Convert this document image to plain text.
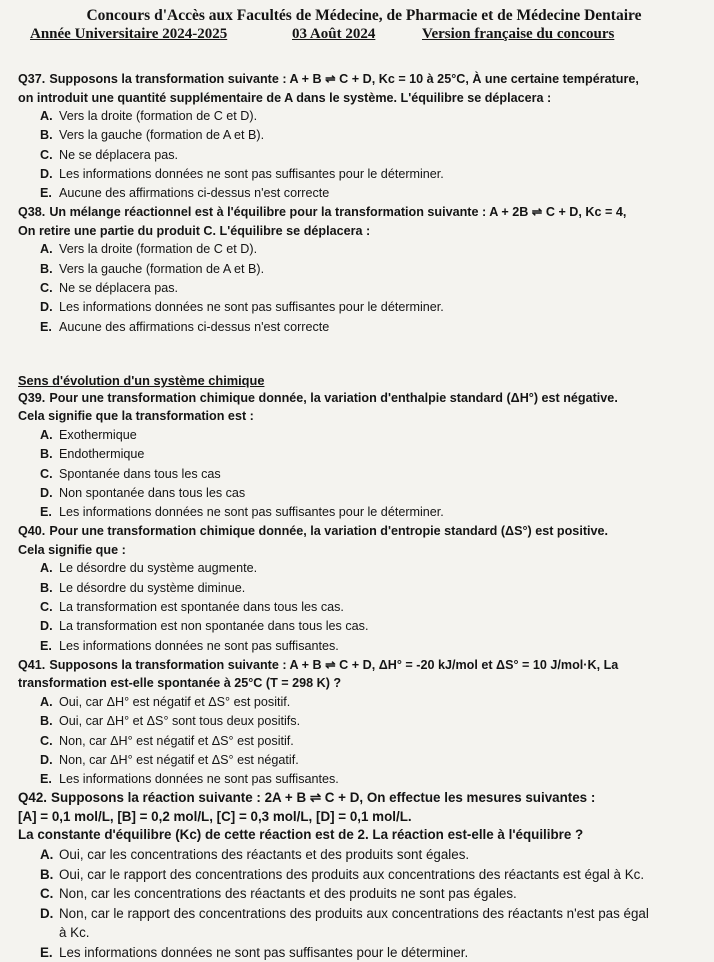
Concours d'Accès aux Facultés de Médecine, de Pharmacie et de Médecine Dentaire
Année Universitaire 2024-2025	03 Août 2024	Version française du concours
Q37. Supposons la transformation suivante : A + B ⇌ C + D, Kc = 10 à 25°C, À une certaine température,
on introduit une quantité supplémentaire de A dans le système. L'équilibre se déplacera :
A. Vers la droite (formation de C et D).
B. Vers la gauche (formation de A et B).
C. Ne se déplacera pas.
D. Les informations données ne sont pas suffisantes pour le déterminer.
E. Aucune des affirmations ci-dessus n'est correcte
Q38. Un mélange réactionnel est à l'équilibre pour la transformation suivante : A + 2B ⇌ C + D, Kc = 4,
On retire une partie du produit C. L'équilibre se déplacera :
A. Vers la droite (formation de C et D).
B. Vers la gauche (formation de A et B).
C. Ne se déplacera pas.
D. Les informations données ne sont pas suffisantes pour le déterminer.
E. Aucune des affirmations ci-dessus n'est correcte
Sens d'évolution d'un système chimique
Q39. Pour une transformation chimique donnée, la variation d'enthalpie standard (ΔH°) est négative.
Cela signifie que la transformation est :
A. Exothermique
B. Endothermique
C. Spontanée dans tous les cas
D. Non spontanée dans tous les cas
E. Les informations données ne sont pas suffisantes pour le déterminer.
Q40. Pour une transformation chimique donnée, la variation d'entropie standard (ΔS°) est positive.
Cela signifie que :
A. Le désordre du système augmente.
B. Le désordre du système diminue.
C. La transformation est spontanée dans tous les cas.
D. La transformation est non spontanée dans tous les cas.
E. Les informations données ne sont pas suffisantes.
Q41. Supposons la transformation suivante : A + B ⇌ C + D, ΔH° = -20 kJ/mol et ΔS° = 10 J/mol·K, La
transformation est-elle spontanée à 25°C (T = 298 K) ?
A. Oui, car ΔH° est négatif et ΔS° est positif.
B. Oui, car ΔH° et ΔS° sont tous deux positifs.
C. Non, car ΔH° est négatif et ΔS° est positif.
D. Non, car ΔH° est négatif et ΔS° est négatif.
E. Les informations données ne sont pas suffisantes.
Q42. Supposons la réaction suivante : 2A + B ⇌ C + D, On effectue les mesures suivantes :
[A] = 0,1 mol/L, [B] = 0,2 mol/L, [C] = 0,3 mol/L, [D] = 0,1 mol/L.
La constante d'équilibre (Kc) de cette réaction est de 2. La réaction est-elle à l'équilibre ?
A. Oui, car les concentrations des réactants et des produits sont égales.
B. Oui, car le rapport des concentrations des produits aux concentrations des réactants est égal à Kc.
C. Non, car les concentrations des réactants et des produits ne sont pas égales.
D. Non, car le rapport des concentrations des produits aux concentrations des réactants n'est pas égal
à Kc.
E. Les informations données ne sont pas suffisantes pour le déterminer.
